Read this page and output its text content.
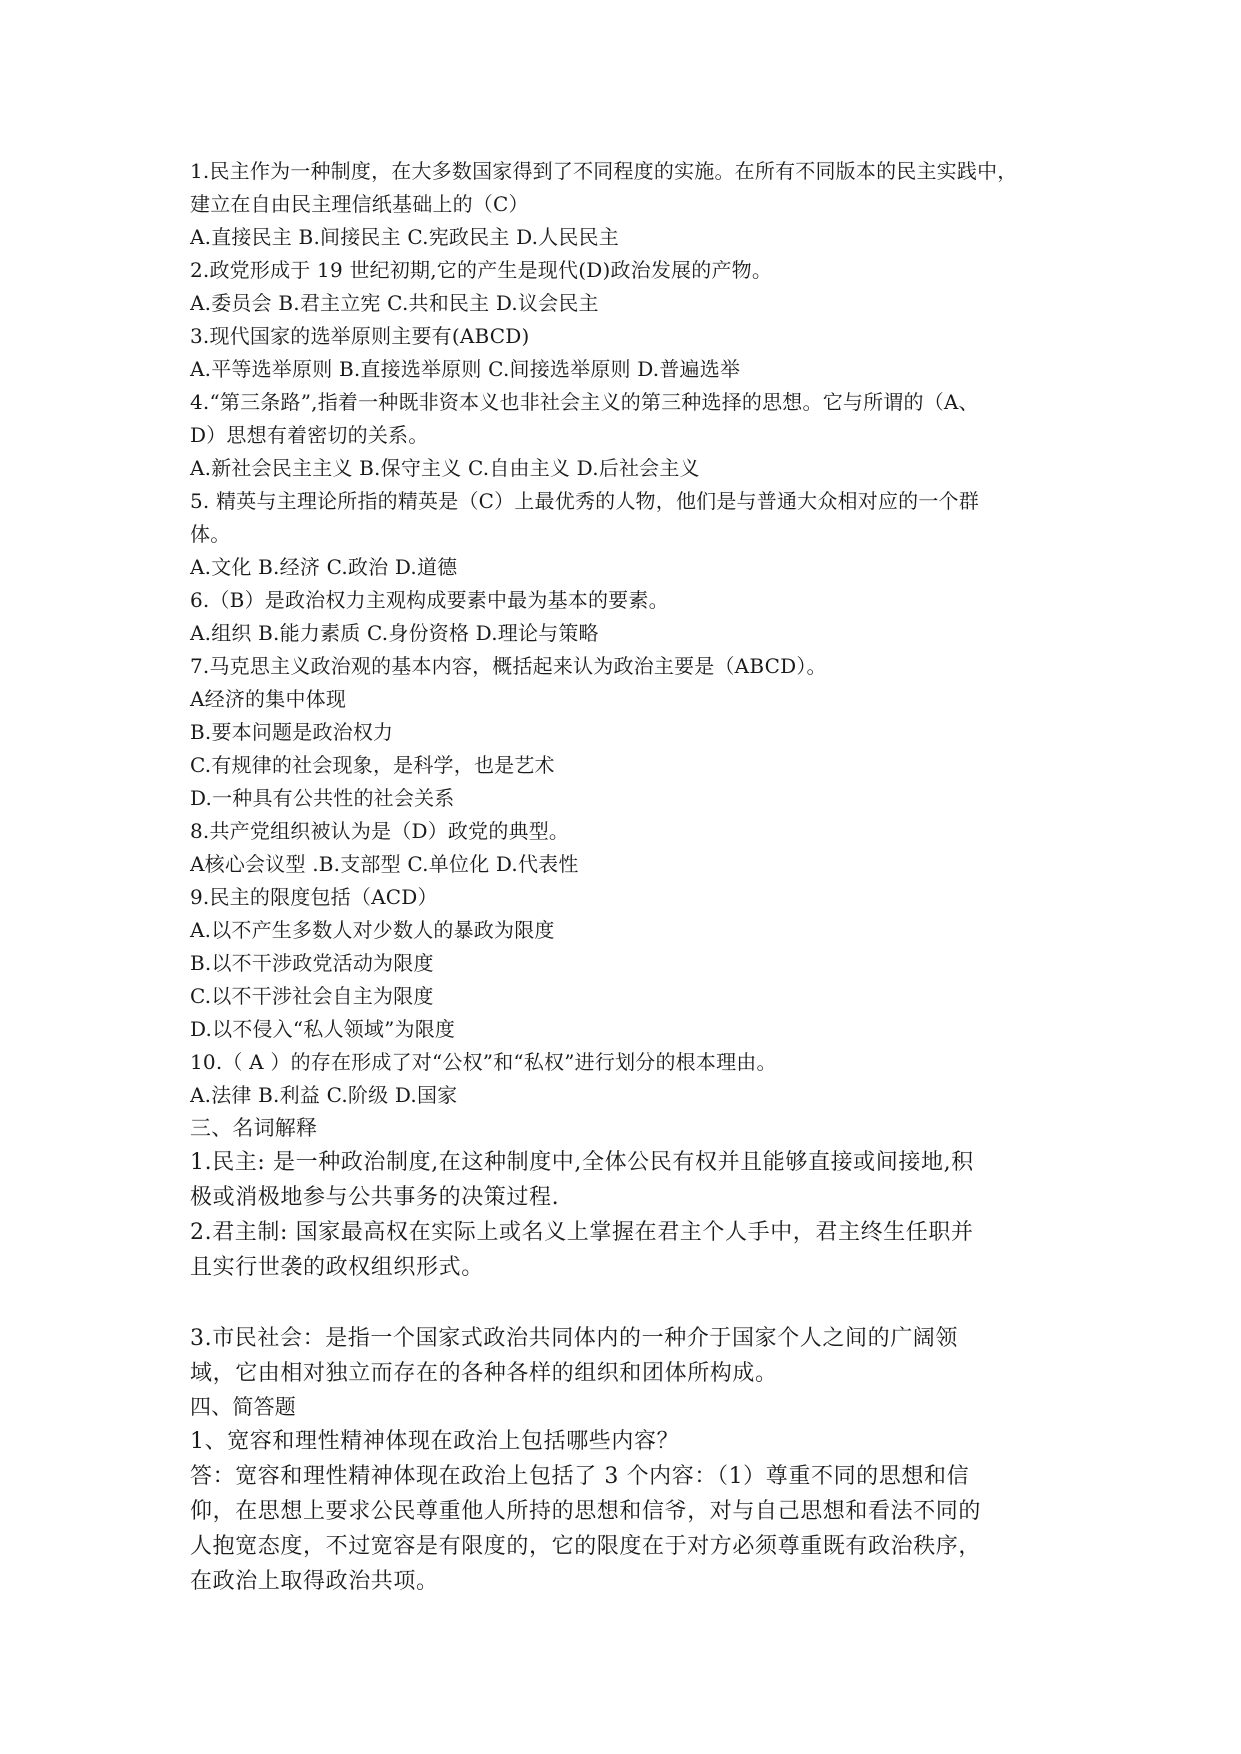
1.民主作为一种制度，在大多数国家得到了不同程度的实施。在所有不同版本的民主实践中，
建立在自由民主理信纸基础上的（C）
A.直接民主 B.间接民主 C.宪政民主 D.人民民主
2.政党形成于 19 世纪初期,它的产生是现代(D)政治发展的产物。
A.委员会 B.君主立宪 C.共和民主 D.议会民主
3.现代国家的选举原则主要有(ABCD)
A.平等选举原则 B.直接选举原则 C.间接选举原则 D.普遍选举
4.“第三条路”,指着一种既非资本义也非社会主义的第三种选择的思想。它与所谓的（A、
D）思想有着密切的关系。
A.新社会民主主义 B.保守主义 C.自由主义 D.后社会主义
5. 精英与主理论所指的精英是（C）上最优秀的人物，他们是与普通大众相对应的一个群
体。
A.文化 B.经济 C.政治 D.道德
6.（B）是政治权力主观构成要素中最为基本的要素。
A.组织 B.能力素质 C.身份资格 D.理论与策略
7.马克思主义政治观的基本内容，概括起来认为政治主要是（ABCD）。
A经济的集中体现
B.要本问题是政治权力
C.有规律的社会现象，是科学，也是艺术
D.一种具有公共性的社会关系
8.共产党组织被认为是（D）政党的典型。
A核心会议型 .B.支部型 C.单位化 D.代表性
9.民主的限度包括（ACD）
A.以不产生多数人对少数人的暴政为限度
B.以不干涉政党活动为限度
C.以不干涉社会自主为限度
D.以不侵入“私人领域”为限度
10.（ A ）的存在形成了对“公权”和“私权”进行划分的根本理由。
A.法律 B.利益 C.阶级 D.国家
三、名词解释
1.民主: 是一种政治制度,在这种制度中,全体公民有权并且能够直接或间接地,积
极或消极地参与公共事务的决策过程.
2.君主制: 国家最高权在实际上或名义上掌握在君主个人手中，君主终生任职并
且实行世袭的政权组织形式。
3.市民社会：是指一个国家式政治共同体内的一种介于国家个人之间的广阔领
域，它由相对独立而存在的各种各样的组织和团体所构成。
四、简答题
1、宽容和理性精神体现在政治上包括哪些内容？
答：宽容和理性精神体现在政治上包括了 3 个内容：（1）尊重不同的思想和信
仰，在思想上要求公民尊重他人所持的思想和信爷，对与自己思想和看法不同的
人抱宽态度，不过宽容是有限度的，它的限度在于对方必须尊重既有政治秩序，
在政治上取得政治共项。
